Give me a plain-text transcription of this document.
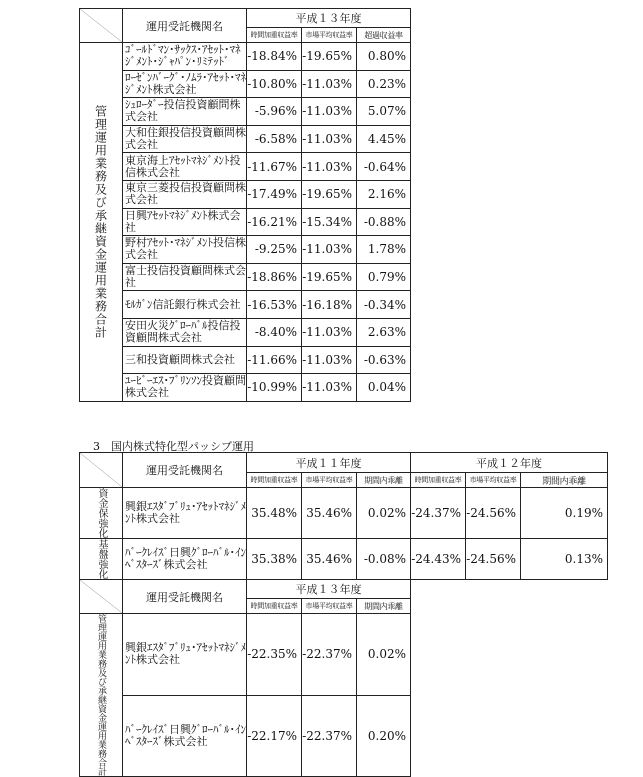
	運用受託機関名	平成１３年度		
		時間加重収益率	市場平均収益率	超過収益率
管理運用業務及び承継資金運用業務合計	ｺﾞｰﾙﾄﾞﾏﾝ･ｻｯｸｽ･ｱｾｯﾄ･ﾏﾈｼﾞﾒﾝﾄ･ｼﾞｬﾊﾟﾝ･ﾘﾐﾃｯﾄﾞ	-18.84%	-19.65%	0.80%
	ﾛｰｾﾞﾝﾊﾞｰｸﾞ･ﾉﾑﾗ･ｱｾｯﾄ･ﾏﾈｼﾞﾒﾝﾄ株式会社	-10.80%	-11.03%	0.23%
	ｼｭﾛｰﾀﾞｰ投信投資顧問株式会社	-5.96%	-11.03%	5.07%
	大和住銀投信投資顧問株式会社	-6.58%	-11.03%	4.45%
	東京海上ｱｾｯﾄﾏﾈｼﾞﾒﾝﾄ投信株式会社	-11.67%	-11.03%	-0.64%
	東京三菱投信投資顧問株式会社	-17.49%	-19.65%	2.16%
	日興ｱｾｯﾄﾏﾈｼﾞﾒﾝﾄ株式会社	-16.21%	-15.34%	-0.88%
	野村ｱｾｯﾄ･ﾏﾈｼﾞﾒﾝﾄ投信株式会社	-9.25%	-11.03%	1.78%
	富士投信投資顧問株式会社	-18.86%	-19.65%	0.79%
	ﾓﾙｶﾞﾝ信託銀行株式会社	-16.53%	-16.18%	-0.34%
	安田火災ｸﾞﾛｰﾊﾞﾙ投信投資顧問株式会社	-8.40%	-11.03%	2.63%
	三和投資顧問株式会社	-11.66%	-11.03%	-0.63%
	ﾕｰﾋﾞｰｴｽ･ﾌﾞﾘﾝｿﾝ投資顧問株式会社	-10.99%	-11.03%	0.04%
3　国内株式特化型パッシブ運用
	運用受託機関名	平成１１年度			平成１２年度		
		時間加重収益率	市場平均収益率	期間内乖離	時間加重収益率	市場平均収益率	期間内乖離
資金保強化	興銀ｴｽﾀﾞﾌﾞﾘｭ･ｱｾｯﾄﾏﾈｼﾞﾒﾝﾄ株式会社	35.48%	35.46%	0.02%	-24.37%	-24.56%	0.19%
基盤強化	ﾊﾞｰｸﾚｲｽﾞ日興ｸﾞﾛｰﾊﾞﾙ･ｲﾝﾍﾞｽﾀｰｽﾞ株式会社	35.38%	35.46%	-0.08%	-24.43%	-24.56%	0.13%
	運用受託機関名	平成１３年度		
		時間加重収益率	市場平均収益率	期間内乖離
管理運用業務及び承継資金運用業務合計	興銀ｴｽﾀﾞﾌﾞﾘｭ･ｱｾｯﾄﾏﾈｼﾞﾒﾝﾄ株式会社	-22.35%	-22.37%	0.02%
	ﾊﾞｰｸﾚｲｽﾞ日興ｸﾞﾛｰﾊﾞﾙ･ｲﾝﾍﾞｽﾀｰｽﾞ株式会社	-22.17%	-22.37%	0.20%
